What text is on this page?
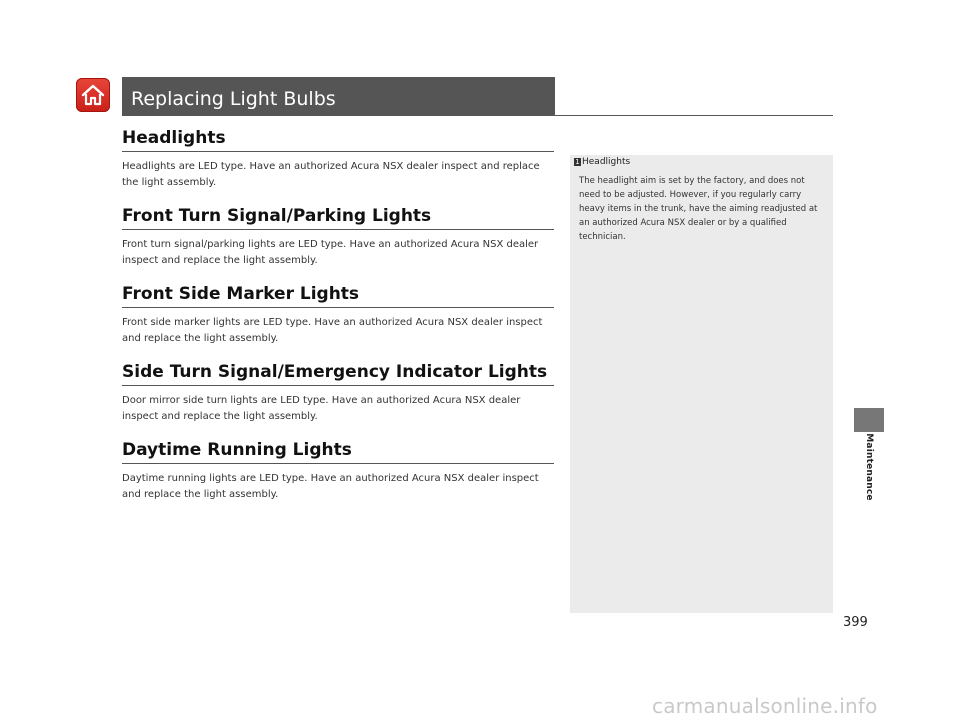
Replacing Light Bulbs
Headlights

Headlights are LED type. Have an authorized Acura NSX dealer inspect and replace the light assembly.

Front Turn Signal/Parking Lights

Front turn signal/parking lights are LED type. Have an authorized Acura NSX dealer inspect and replace the light assembly.

Front Side Marker Lights

Front side marker lights are LED type. Have an authorized Acura NSX dealer inspect and replace the light assembly.

Side Turn Signal/Emergency Indicator Lights

Door mirror side turn lights are LED type. Have an authorized Acura NSX dealer inspect and replace the light assembly.

Daytime Running Lights

Daytime running lights are LED type. Have an authorized Acura NSX dealer inspect and replace the light assembly.

1 Headlights
The headlight aim is set by the factory, and does not need to be adjusted. However, if you regularly carry heavy items in the trunk, have the aiming readjusted at an authorized Acura NSX dealer or by a qualified technician.
Maintenance
399
carmanualsonline.info
